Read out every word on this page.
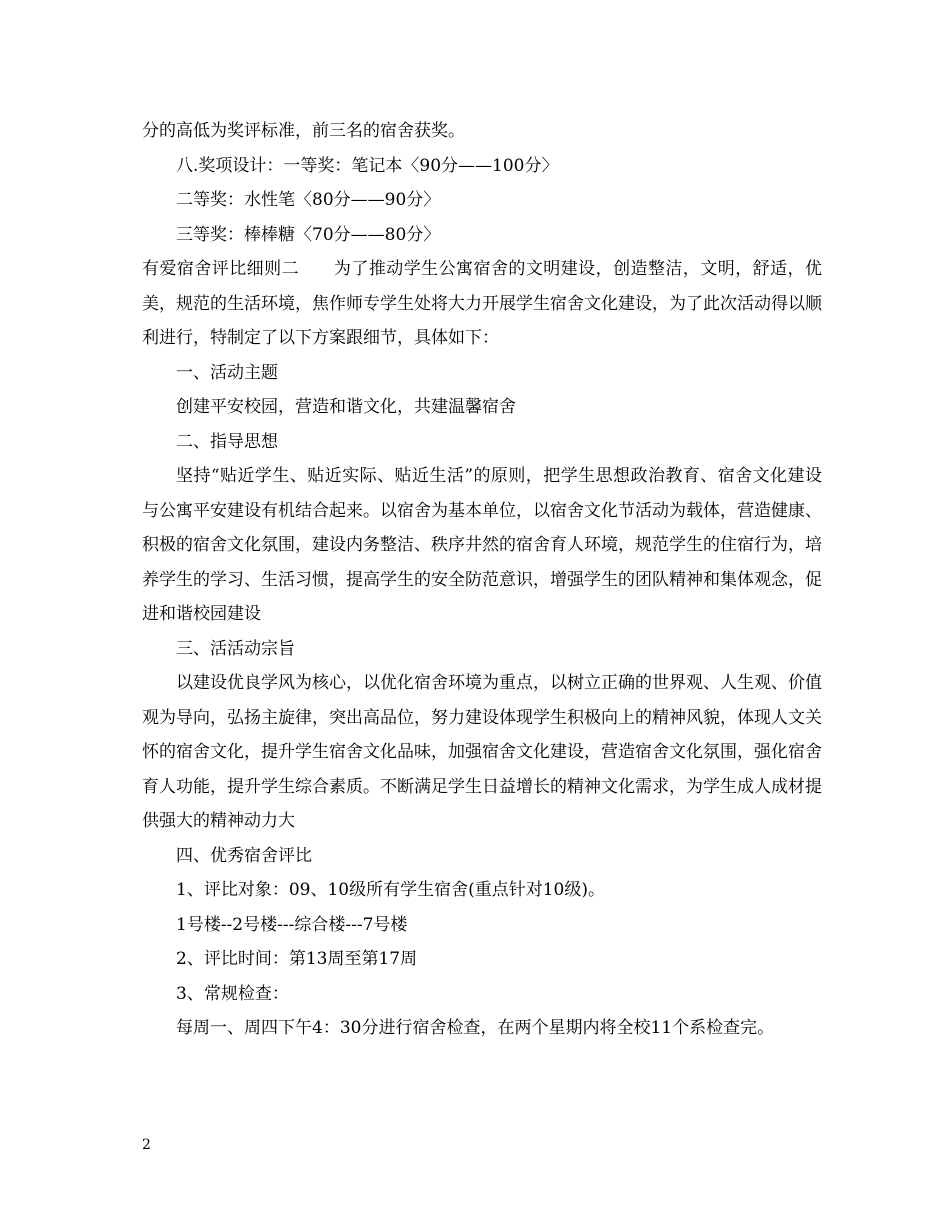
分的高低为奖评标准，前三名的宿舍获奖。

八.奖项设计：一等奖：笔记本〈90分——100分〉

二等奖：水性笔〈80分——90分〉

三等奖：棒棒糖〈70分——80分〉

有爱宿舍评比细则二　　为了推动学生公寓宿舍的文明建设，创造整洁，文明，舒适，优美，规范的生活环境，焦作师专学生处将大力开展学生宿舍文化建设，为了此次活动得以顺利进行，特制定了以下方案跟细节，具体如下：

一、活动主题

创建平安校园，营造和谐文化，共建温馨宿舍

二、指导思想

坚持“贴近学生、贴近实际、贴近生活”的原则，把学生思想政治教育、宿舍文化建设与公寓平安建设有机结合起来。以宿舍为基本单位，以宿舍文化节活动为载体，营造健康、积极的宿舍文化氛围，建设内务整洁、秩序井然的宿舍育人环境，规范学生的住宿行为，培养学生的学习、生活习惯，提高学生的安全防范意识，增强学生的团队精神和集体观念，促进和谐校园建设

三、活活动宗旨

以建设优良学风为核心，以优化宿舍环境为重点，以树立正确的世界观、人生观、价值观为导向，弘扬主旋律，突出高品位，努力建设体现学生积极向上的精神风貌，体现人文关怀的宿舍文化，提升学生宿舍文化品味，加强宿舍文化建设，营造宿舍文化氛围，强化宿舍育人功能，提升学生综合素质。不断满足学生日益增长的精神文化需求，为学生成人成材提供强大的精神动力大

四、优秀宿舍评比

1、评比对象：09、10级所有学生宿舍(重点针对10级)。

1号楼--2号楼---综合楼---7号楼

2、评比时间：第13周至第17周

3、常规检查：

每周一、周四下午4：30分进行宿舍检查，在两个星期内将全校11个系检查完。

2
